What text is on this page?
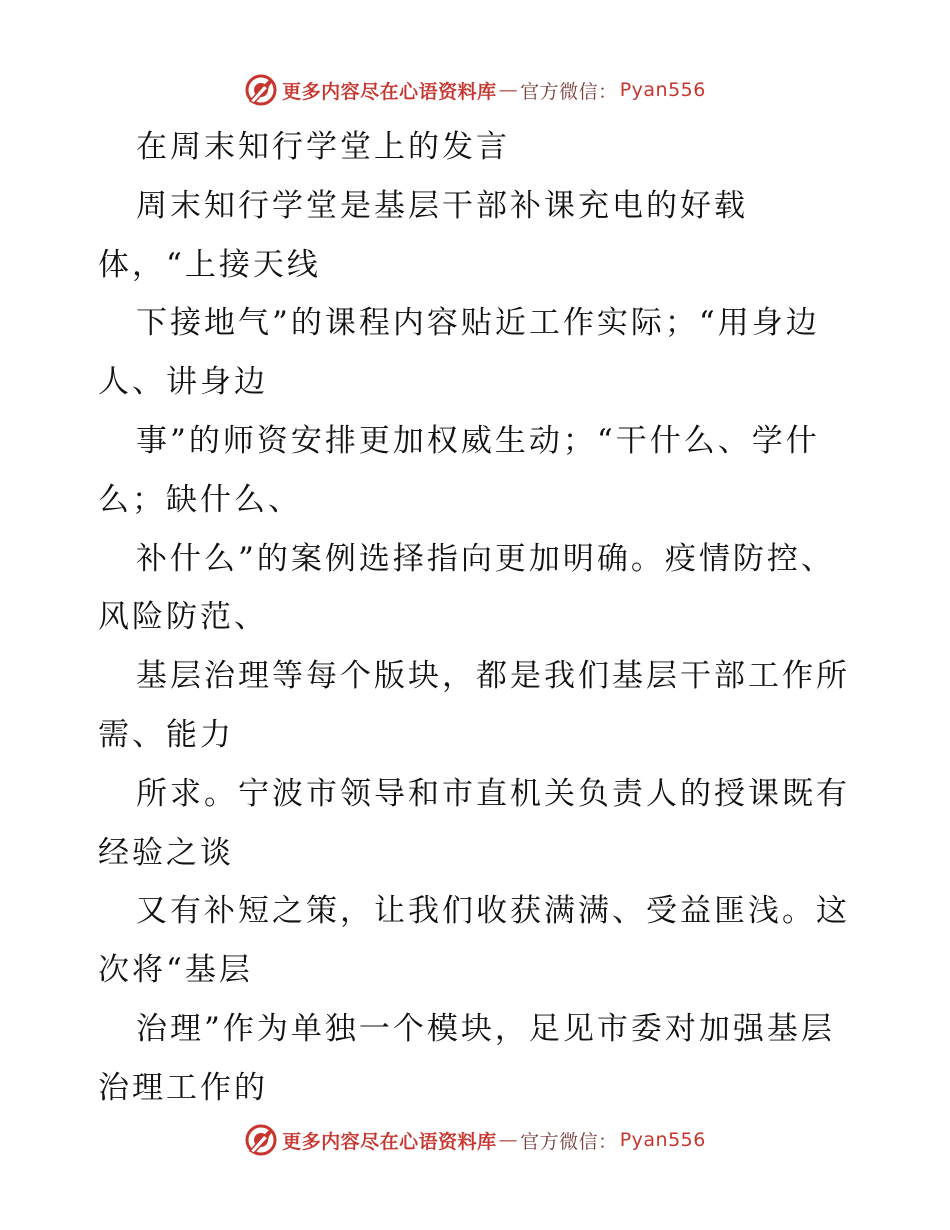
更多内容尽在心语资料库 — 官方微信： Pyan556
在周末知行学堂上的发言
周末知行学堂是基层干部补课充电的好载
体，“上接天线
下接地气”的课程内容贴近工作实际；“用身边
人、讲身边
事”的师资安排更加权威生动；“干什么、学什
么；缺什么、
补什么”的案例选择指向更加明确。疫情防控、
风险防范、
基层治理等每个版块，都是我们基层干部工作所
需、能力
所求。宁波市领导和市直机关负责人的授课既有
经验之谈
又有补短之策，让我们收获满满、受益匪浅。这
次将“基层
治理”作为单独一个模块，足见市委对加强基层
治理工作的
更多内容尽在心语资料库 — 官方微信： Pyan556
